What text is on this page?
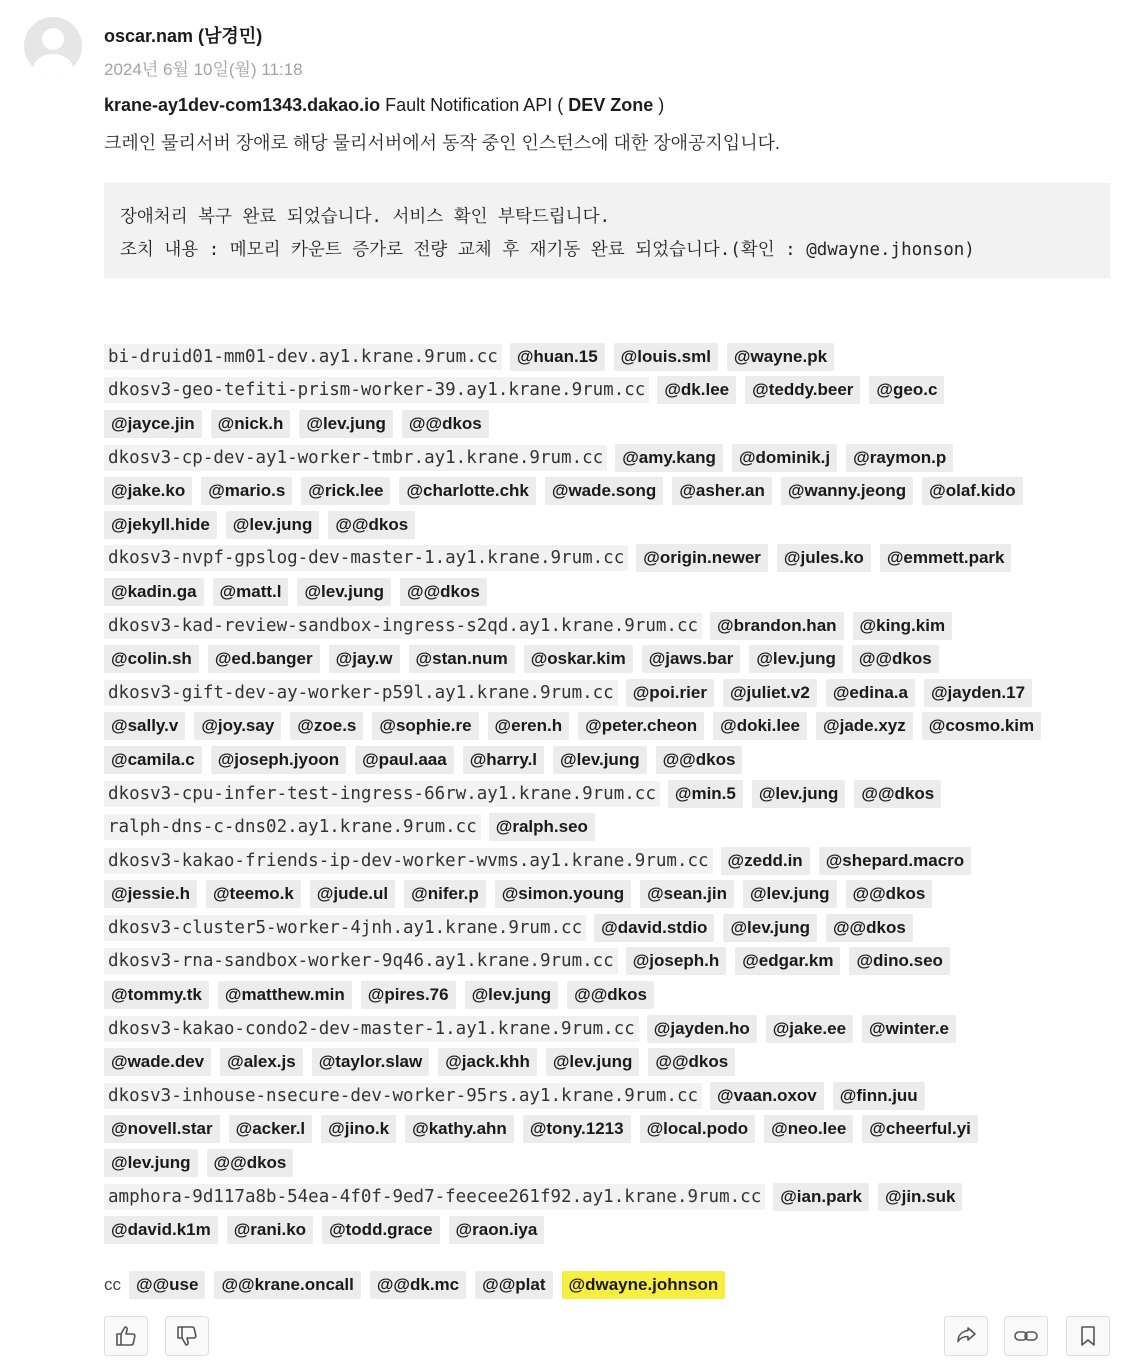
oscar.nam (남경민)
2024년 6월 10일(월) 11:18
krane-ay1dev-com1343.dakao.io Fault Notification API ( DEV Zone )
크레인 물리서버 장애로 해당 물리서버에서 동작 중인 인스턴스에 대한 장애공지입니다.
장애처리 복구 완료 되었습니다. 서비스 확인 부탁드립니다.
조치 내용 : 메모리 카운트 증가로 전량 교체 후 재기동 완료 되었습니다.(확인 : @dwayne.jhonson)
bi-druid01-mm01-dev.ay1.krane.9rum.cc	@huan.15	@louis.sml	@wayne.pk
dkosv3-geo-tefiti-prism-worker-39.ay1.krane.9rum.cc	@dk.lee	@teddy.beer	@geo.c
@jayce.jin	@nick.h	@lev.jung	@@dkos
dkosv3-cp-dev-ay1-worker-tmbr.ay1.krane.9rum.cc	@amy.kang	@dominik.j	@raymon.p
@jake.ko	@mario.s	@rick.lee	@charlotte.chk	@wade.song	@asher.an	@wanny.jeong	@olaf.kido
@jekyll.hide	@lev.jung	@@dkos
dkosv3-nvpf-gpslog-dev-master-1.ay1.krane.9rum.cc	@origin.newer	@jules.ko	@emmett.park
@kadin.ga	@matt.l	@lev.jung	@@dkos
dkosv3-kad-review-sandbox-ingress-s2qd.ay1.krane.9rum.cc	@brandon.han	@king.kim
@colin.sh	@ed.banger	@jay.w	@stan.num	@oskar.kim	@jaws.bar	@lev.jung	@@dkos
dkosv3-gift-dev-ay-worker-p59l.ay1.krane.9rum.cc	@poi.rier	@juliet.v2	@edina.a	@jayden.17
@sally.v	@joy.say	@zoe.s	@sophie.re	@eren.h	@peter.cheon	@doki.lee	@jade.xyz	@cosmo.kim
@camila.c	@joseph.jyoon	@paul.aaa	@harry.l	@lev.jung	@@dkos
dkosv3-cpu-infer-test-ingress-66rw.ay1.krane.9rum.cc	@min.5	@lev.jung	@@dkos
ralph-dns-c-dns02.ay1.krane.9rum.cc	@ralph.seo
dkosv3-kakao-friends-ip-dev-worker-wvms.ay1.krane.9rum.cc	@zedd.in	@shepard.macro
@jessie.h	@teemo.k	@jude.ul	@nifer.p	@simon.young	@sean.jin	@lev.jung	@@dkos
dkosv3-cluster5-worker-4jnh.ay1.krane.9rum.cc	@david.stdio	@lev.jung	@@dkos
dkosv3-rna-sandbox-worker-9q46.ay1.krane.9rum.cc	@joseph.h	@edgar.km	@dino.seo
@tommy.tk	@matthew.min	@pires.76	@lev.jung	@@dkos
dkosv3-kakao-condo2-dev-master-1.ay1.krane.9rum.cc	@jayden.ho	@jake.ee	@winter.e
@wade.dev	@alex.js	@taylor.slaw	@jack.khh	@lev.jung	@@dkos
dkosv3-inhouse-nsecure-dev-worker-95rs.ay1.krane.9rum.cc	@vaan.oxov	@finn.juu
@novell.star	@acker.l	@jino.k	@kathy.ahn	@tony.1213	@local.podo	@neo.lee	@cheerful.yi
@lev.jung	@@dkos
amphora-9d117a8b-54ea-4f0f-9ed7-feecee261f92.ay1.krane.9rum.cc	@ian.park	@jin.suk
@david.k1m	@rani.ko	@todd.grace	@raon.iya
cc @@use	@@krane.oncall	@@dk.mc	@@plat	@dwayne.johnson
